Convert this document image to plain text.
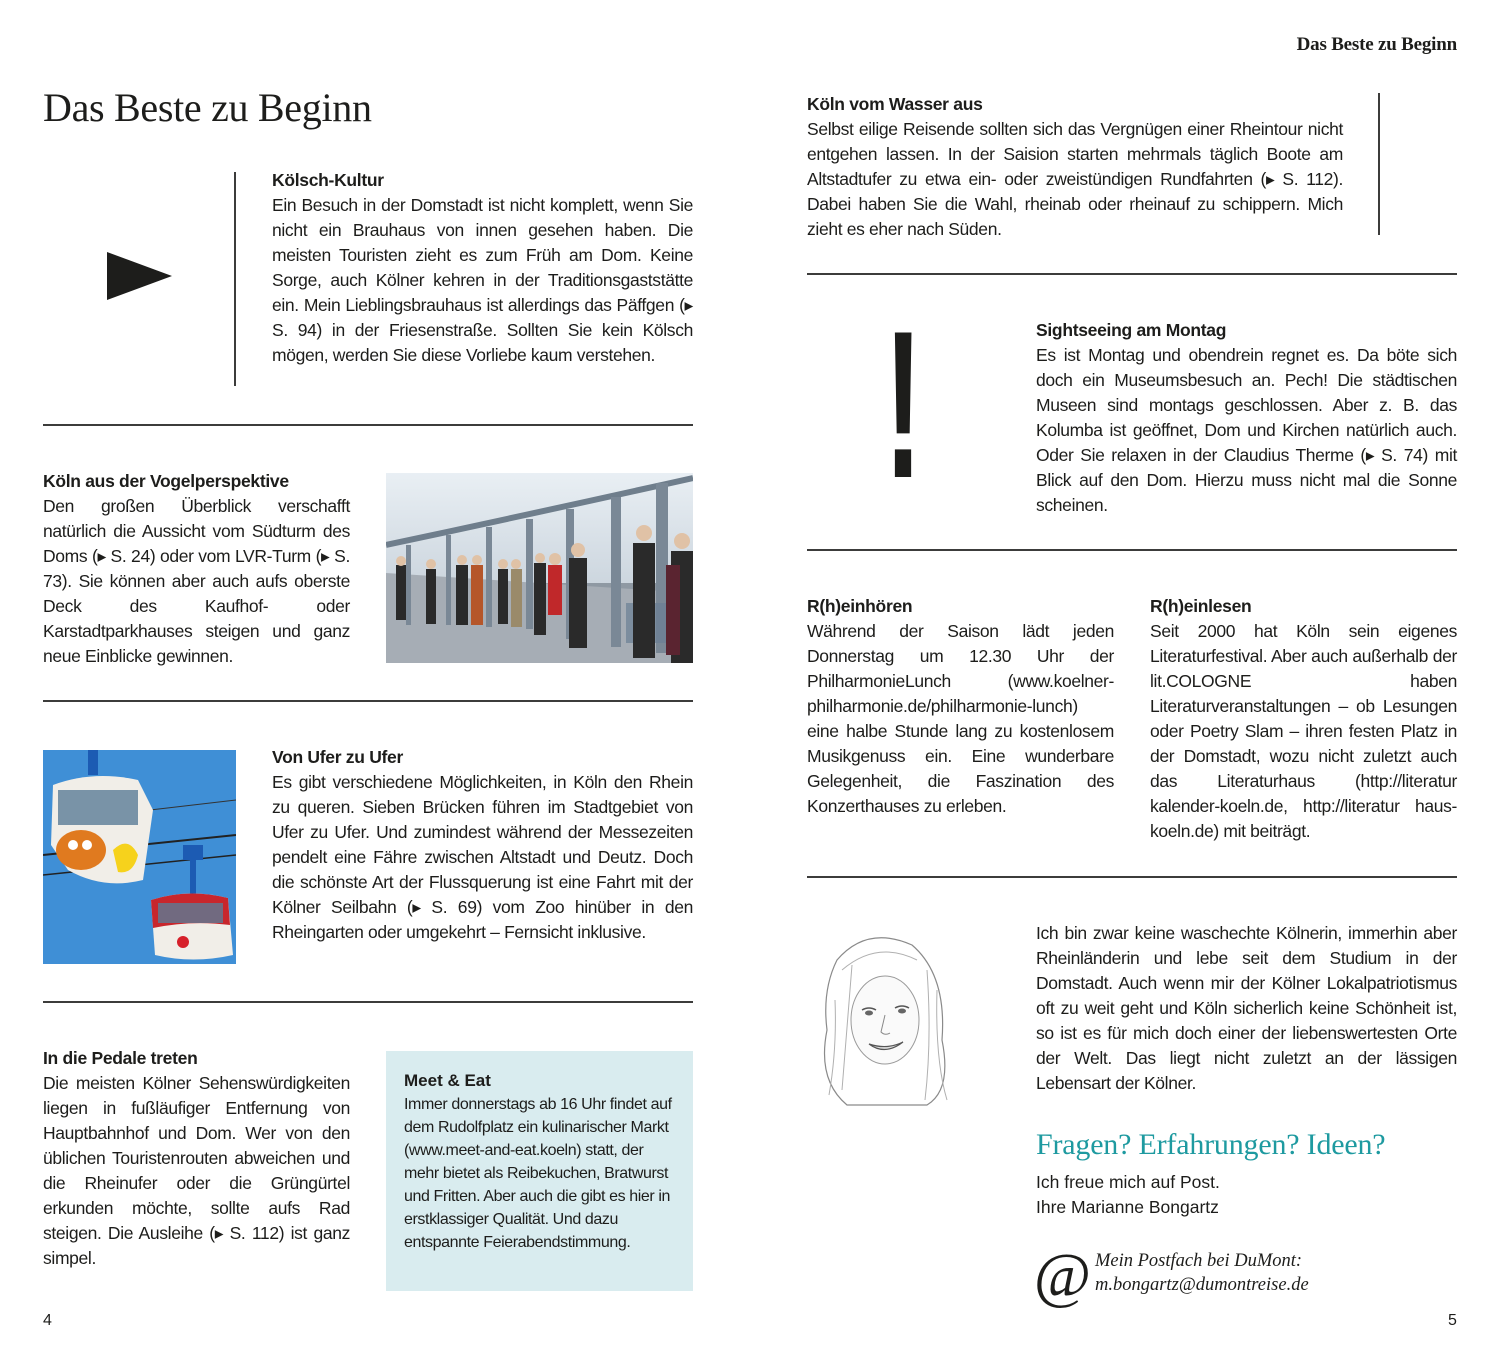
Das Beste zu Beginn
Das Beste zu Beginn
Kölsch-Kultur

Ein Besuch in der Domstadt ist nicht komplett, wenn Sie nicht ein Brauhaus von innen gesehen haben. Die meisten Touristen zieht es zum Früh am Dom. Keine Sorge, auch Kölner kehren in der Traditionsgaststätte ein. Mein Lieblingsbrauhaus ist allerdings das Päffgen (▸ S. 94) in der Friesenstraße. Sollten Sie kein Kölsch mögen, werden Sie diese Vorliebe kaum verstehen.

Köln aus der Vogelperspektive

Den großen Überblick verschafft natürlich die Aussicht vom Südturm des Doms (▸ S. 24) oder vom LVR-Turm (▸ S. 73). Sie können aber auch aufs oberste Deck des Kaufhof- oder Karstadtparkhauses steigen und ganz neue Einblicke gewinnen.

Von Ufer zu Ufer

Es gibt verschiedene Möglichkeiten, in Köln den Rhein zu queren. Sieben Brücken führen im Stadtgebiet von Ufer zu Ufer. Und zumindest während der Messezeiten pendelt eine Fähre zwischen Altstadt und Deutz. Doch die schönste Art der Flussquerung ist eine Fahrt mit der Kölner Seilbahn (▸ S. 69) vom Zoo hinüber in den Rheingarten oder umgekehrt – Fernsicht inklusive.

In die Pedale treten

Die meisten Kölner Sehenswürdigkeiten liegen in fußläufiger Entfernung von Hauptbahnhof und Dom. Wer von den üblichen Touristenrouten abweichen und die Rheinufer oder die Grüngürtel erkunden möchte, sollte aufs Rad steigen. Die Ausleihe (▸ S. 112) ist ganz simpel.

Meet & Eat

Immer donnerstags ab 16 Uhr findet auf dem Rudolfplatz ein kulinarischer Markt (www.meet-and-eat.koeln) statt, der mehr bietet als Reibekuchen, Bratwurst und Fritten. Aber auch die gibt es hier in erstklassiger Qualität. Und dazu entspannte Feierabendstimmung.

4
Köln vom Wasser aus

Selbst eilige Reisende sollten sich das Vergnügen einer Rheintour nicht entgehen lassen. In der Saision starten mehrmals täglich Boote am Altstadtufer zu etwa ein- oder zweistündigen Rundfahrten (▸ S. 112). Dabei haben Sie die Wahl, rheinab oder rheinauf zu schippern. Mich zieht es eher nach Süden.

!	Sightseeing am Montag

Es ist Montag und obendrein regnet es. Da böte sich doch ein Museumsbesuch an. Pech! Die städtischen Museen sind montags geschlossen. Aber z. B. das Kolumba ist geöffnet, Dom und Kirchen natürlich auch. Oder Sie relaxen in der Claudius Therme (▸ S. 74) mit Blick auf den Dom. Hierzu muss nicht mal die Sonne scheinen.

R(h)einhören

Während der Saison lädt jeden Donnerstag um 12.30 Uhr der PhilharmonieLunch (www.koelner-philharmonie.de/philharmonie-lunch) eine halbe Stunde lang zu kostenlosem Musikgenuss ein. Eine wunderbare Gelegenheit, die Faszination des Konzerthauses zu erleben.

R(h)einlesen

Seit 2000 hat Köln sein eigenes Literaturfestival. Aber auch außerhalb der lit.COLOGNE haben Literaturveranstaltungen – ob Lesungen oder Poetry Slam – ihren festen Platz in der Domstadt, wozu nicht zuletzt auch das Literaturhaus (http://literatur kalender-koeln.de, http://literatur haus-koeln.de) mit beiträgt.

Ich bin zwar keine waschechte Kölnerin, immerhin aber Rheinländerin und lebe seit dem Studium in der Domstadt. Auch wenn mir der Kölner Lokalpatriotismus oft zu weit geht und Köln sicherlich keine Schönheit ist, so ist es für mich doch einer der liebenswertesten Orte der Welt. Das liegt nicht zuletzt an der lässigen Lebensart der Kölner.

Fragen? Erfahrungen? Ideen?

Ich freue mich auf Post.

Ihre Marianne Bongartz

@ Mein Postfach bei DuMont:
m.bongartz@dumontreise.de
5
